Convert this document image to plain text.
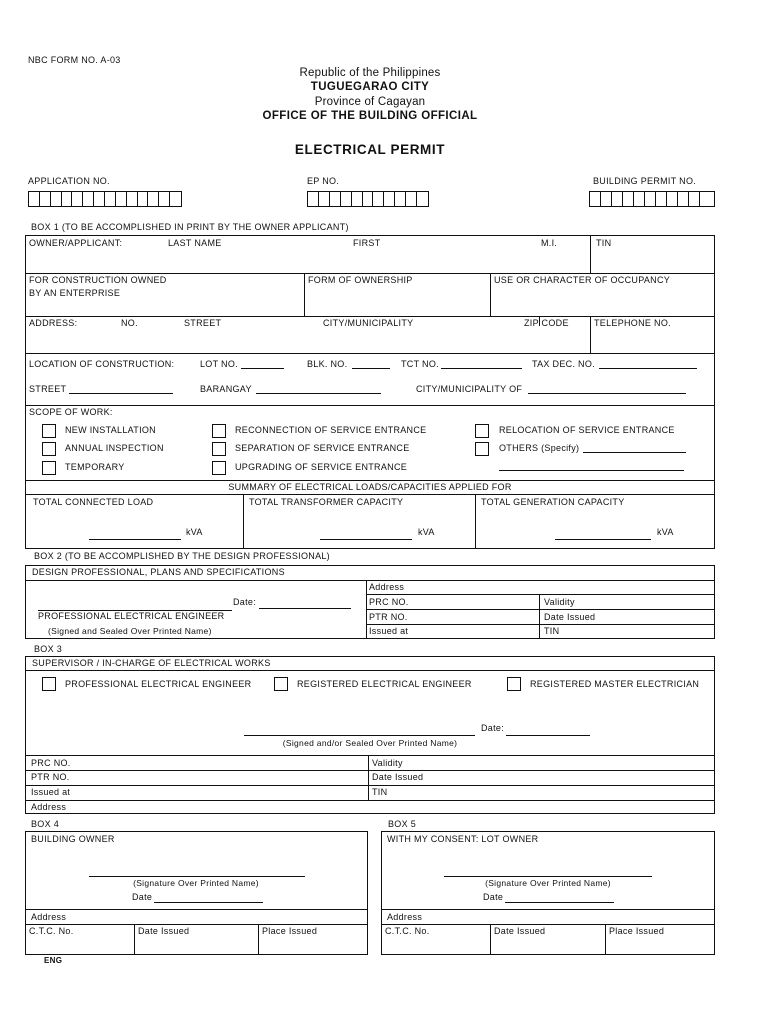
NBC FORM NO. A-03
Republic of the Philippines
TUGUEGARAO CITY
Province of Cagayan
OFFICE OF THE BUILDING OFFICIAL
ELECTRICAL PERMIT
APPLICATION NO.	EP NO.	BUILDING PERMIT NO.
BOX 1 (TO BE ACCOMPLISHED IN PRINT BY THE OWNER APPLICANT)
OWNER/APPLICANT:	LAST NAME	FIRST	M.I.	TIN
FOR CONSTRUCTION OWNED
BY AN ENTERPRISE
FORM OF OWNERSHIP	USE OR CHARACTER OF OCCUPANCY
ADDRESS:	NO.	STREET	CITY/MUNICIPALITY	ZIP CODE	TELEPHONE NO.
LOCATION OF CONSTRUCTION:	LOT NO.	BLK. NO.	TCT NO.	TAX DEC. NO.
STREET	BARANGAY	CITY/MUNICIPALITY OF
SCOPE OF WORK:
NEW INSTALLATION
ANNUAL INSPECTION
TEMPORARY
RECONNECTION OF SERVICE ENTRANCE
SEPARATION OF SERVICE ENTRANCE
UPGRADING OF SERVICE ENTRANCE
RELOCATION OF SERVICE ENTRANCE
OTHERS (Specify)
SUMMARY OF ELECTRICAL LOADS/CAPACITIES APPLIED FOR
TOTAL CONNECTED LOAD	TOTAL TRANSFORMER CAPACITY	TOTAL GENERATION CAPACITY
kVA	kVA	kVA
BOX 2 (TO BE ACCOMPLISHED BY THE DESIGN PROFESSIONAL)
DESIGN PROFESSIONAL, PLANS AND SPECIFICATIONS
Date:
PROFESSIONAL ELECTRICAL ENGINEER
(Signed and Sealed Over Printed Name)
Address
PRC NO.	Validity
PTR NO.	Date Issued
Issued at	TIN
BOX 3
SUPERVISOR / IN-CHARGE OF ELECTRICAL WORKS
PROFESSIONAL ELECTRICAL ENGINEER	REGISTERED ELECTRICAL ENGINEER	REGISTERED MASTER ELECTRICIAN
Date:
(Signed and/or Sealed Over Printed Name)
PRC NO.	Validity
PTR NO.	Date Issued
Issued at	TIN
Address
BOX 4
BUILDING OWNER
(Signature Over Printed Name)
Date
Address
C.T.C. No.	Date Issued	Place Issued
BOX 5
WITH MY CONSENT: LOT OWNER
(Signature Over Printed Name)
Date
Address
C.T.C. No.	Date Issued	Place Issued
ENG
